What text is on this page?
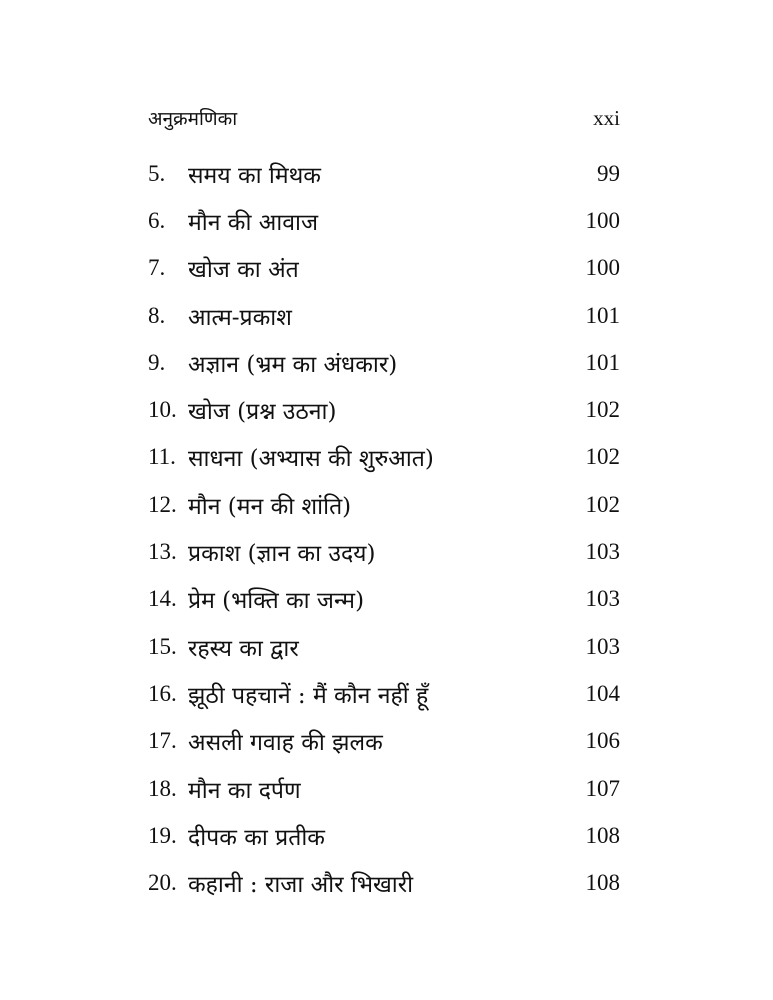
अनुक्रमणिका	xxi
5. समय का मिथक	99
6. मौन की आवाज	100
7. खोज का अंत	100
8. आत्म-प्रकाश	101
9. अज्ञान (भ्रम का अंधकार)	101
10. खोज (प्रश्न उठना)	102
11. साधना (अभ्यास की शुरुआत)	102
12. मौन (मन की शांति)	102
13. प्रकाश (ज्ञान का उदय)	103
14. प्रेम (भक्ति का जन्म)	103
15. रहस्य का द्वार	103
16. झूठी पहचानें : मैं कौन नहीं हूँ	104
17. असली गवाह की झलक	106
18. मौन का दर्पण	107
19. दीपक का प्रतीक	108
20. कहानी : राजा और भिखारी	108
